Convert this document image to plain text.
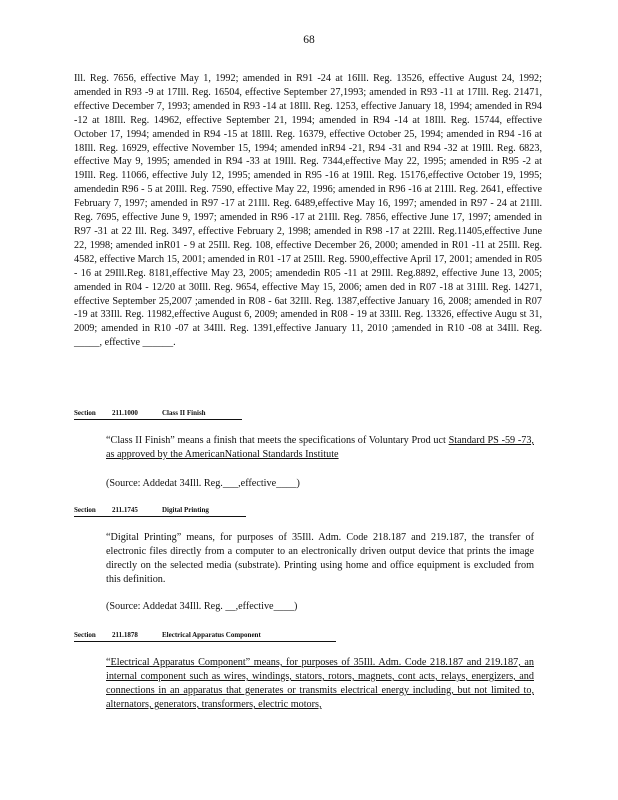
68

Ill. Reg. 7656, effective May 1, 1992; amended in R91 -24 at 16Ill. Reg. 13526, effective August 24, 1992; amended in R93 -9 at 17Ill. Reg. 16504, effective September 27,1993; amended in R93 -11 at 17Ill. Reg. 21471, effective December 7, 1993; amended in R93 -14 at 18Ill. Reg. 1253, effective January 18, 1994; amended in R94 -12 at 18Ill. Reg. 14962, effective September 21, 1994; amended in R94 -14 at 18Ill. Reg. 15744, effective October 17, 1994; amended in R94 -15 at 18Ill. Reg. 16379, effective October 25, 1994; amended in R94 -16 at 18Ill. Reg. 16929, effective November 15, 1994; amended inR94 -21, R94 -31 and R94 -32 at 19Ill. Reg. 6823, effective May 9, 1995; amended in R94 -33 at 19Ill. Reg. 7344,effective May 22, 1995; amended in R95 -2 at 19Ill. Reg. 11066, effective July 12, 1995; amended in R95 -16 at 19Ill. Reg. 15176,effective October 19, 1995; amendedin R96 - 5 at 20Ill. Reg. 7590, effective May 22, 1996; amended in R96 -16 at 21Ill. Reg. 2641, effective February 7, 1997; amended in R97 -17 at 21Ill. Reg. 6489,effective May 16, 1997; amended in R97 - 24 at 21Ill. Reg. 7695, effective June 9, 1997; amended in R96 -17 at 21Ill. Reg. 7856, effective June 17, 1997; amended in R97 -31 at 22 Ill. Reg. 3497, effective February 2, 1998; amended in R98 -17 at 22Ill. Reg.11405,effective June 22, 1998; amended inR01 - 9 at 25Ill. Reg. 108, effective December 26, 2000; amended in R01 -11 at 25Ill. Reg. 4582, effective March 15, 2001; amended in R01 -17 at 25Ill. Reg. 5900,effective April 17, 2001; amended in R05 - 16 at 29Ill.Reg. 8181,effective May 23, 2005; amendedin R05 -11 at 29Ill. Reg.8892, effective June 13, 2005; amended in R04 - 12/20 at 30Ill. Reg. 9654, effective May 15, 2006; amen ded in R07 -18 at 31Ill. Reg. 14271, effective September 25,2007 ;amended in R08 - 6at 32Ill. Reg. 1387,effective January 16, 2008; amended in R07 -19 at 33Ill. Reg. 11982,effective August 6, 2009; amended in R08 - 19 at 33Ill. Reg. 13326, effective Augu st 31, 2009; amended in R10 -07 at 34Ill. Reg. 1391,effective January 11, 2010 ;amended in R10 -08 at 34Ill. Reg. _____, effective ______.

Section 211.1000	Class II Finish

“Class II Finish” means a finish that meets the specifications of Voluntary Prod uct Standard PS -59 -73, as approved by the AmericanNational Standards Institute

(Source: Addedat 34Ill. Reg.___,effective____)
Section 211.1745	Digital Printing

“Digital Printing” means, for purposes of 35Ill. Adm. Code 218.187 and 219.187, the transfer of electronic files directly from a computer to an electronically driven output device that prints the image directly on the selected media (substrate). Printing using home and office equipment is excluded from this definition.

(Source: Addedat 34Ill. Reg. __,effective____)
Section 211.1878	Electrical Apparatus Component

“Electrical Apparatus Component” means, for purposes of 35Ill. Adm. Code 218.187 and 219.187, an internal component such as wires, windings, stators, rotors, magnets, cont acts, relays, energizers, and connections in an apparatus that generates or transmits electrical energy including, but not limited to, alternators, generators, transformers, electric motors,
